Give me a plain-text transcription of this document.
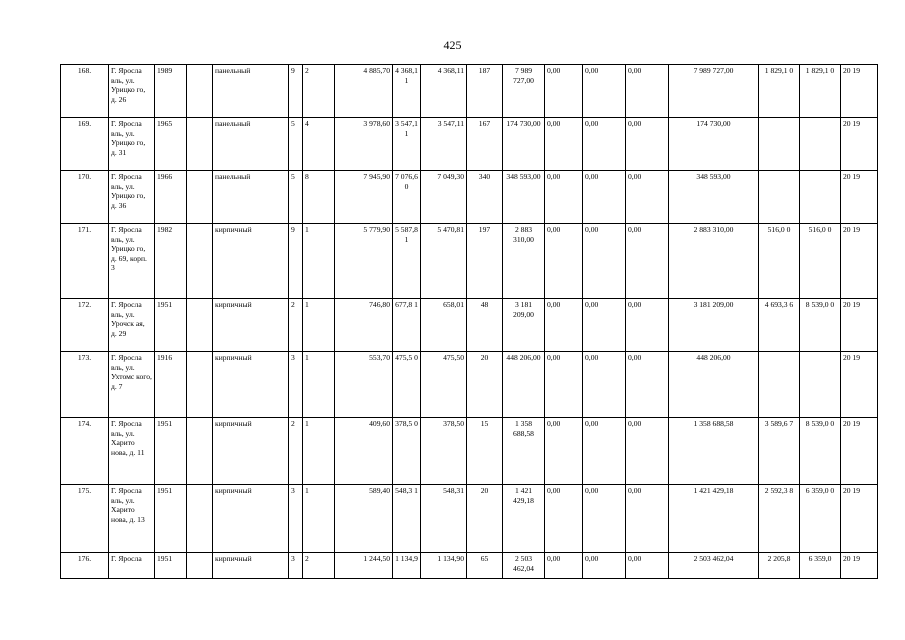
425
168.	Г. Яросла вль, ул. Урицко го, д. 26	1989		панельный	9	2	4 885,70	4 368,1 1	4 368,11	187	7 989 727,00	0,00	0,00	0,00	7 989 727,00	1 829,1 0	1 829,1 0	20 19
169.	Г. Яросла вль, ул. Урицко го, д. 31	1965		панельный	5	4	3 978,60	3 547,1 1	3 547,11	167	174 730,00	0,00	0,00	0,00	174 730,00			20 19
170.	Г. Яросла вль, ул. Урицко го, д. 36	1966		панельный	5	8	7 945,90	7 076,6 0	7 049,30	340	348 593,00	0,00	0,00	0,00	348 593,00			20 19
171.	Г. Яросла вль, ул. Урицко го, д. 69, корп. 3	1982		кирпичный	9	1	5 779,90	5 587,8 1	5 470,81	197	2 883 310,00	0,00	0,00	0,00	2 883 310,00	516,0 0	516,0 0	20 19
172.	Г. Яросла вль, ул. Урочск ая, д. 29	1951		кирпичный	2	1	746,80	677,8 1	658,01	48	3 181 209,00	0,00	0,00	0,00	3 181 209,00	4 693,3 6	8 539,0 0	20 19
173.	Г. Яросла вль, ул. Ухтомс кого, д. 7	1916		кирпичный	3	1	553,70	475,5 0	475,50	20	448 206,00	0,00	0,00	0,00	448 206,00			20 19
174.	Г. Яросла вль, ул. Харито нова, д. 11	1951		кирпичный	2	1	409,60	378,5 0	378,50	15	1 358 688,58	0,00	0,00	0,00	1 358 688,58	3 589,6 7	8 539,0 0	20 19
175.	Г. Яросла вль, ул. Харито нова, д. 13	1951		кирпичный	3	1	589,40	548,3 1	548,31	20	1 421 429,18	0,00	0,00	0,00	1 421 429,18	2 592,3 8	6 359,0 0	20 19
176.	Г. Яросла	1951		кирпичный	3	2	1 244,50	1 134,9	1 134,90	65	2 503 462,04	0,00	0,00	0,00	2 503 462,04	2 205,8	6 359,0	20 19
